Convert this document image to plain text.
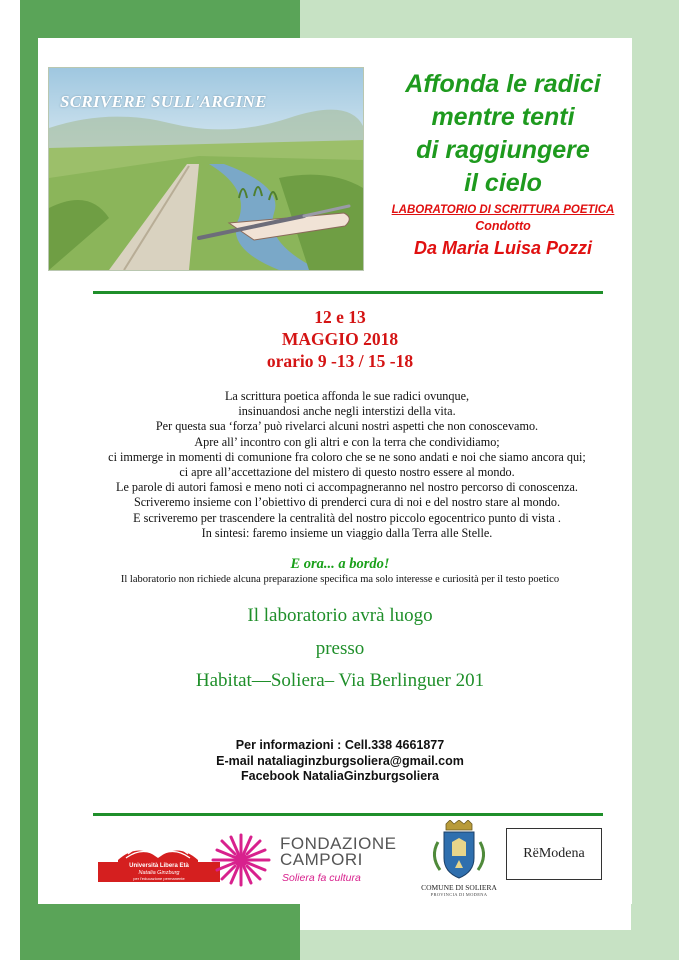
SCRIVERE SULL'ARGINE
Affonda le radici
mentre tenti
di raggiungere
il cielo
LABORATORIO DI SCRITTURA POETICA
Condotto
Da Maria Luisa Pozzi
12 e 13
MAGGIO 2018
orario 9 -13 / 15 -18
La scrittura poetica affonda le sue radici ovunque,
insinuandosi anche negli interstizi della vita.
Per questa sua ‘forza’ può rivelarci alcuni nostri aspetti che non conoscevamo.
Apre all’ incontro con gli altri e con la terra che condividiamo;
ci immerge in momenti di comunione fra coloro che se ne sono andati e noi che siamo ancora qui;
ci apre all’accettazione del mistero di questo nostro essere al mondo.
Le parole di autori famosi e meno noti ci accompagneranno nel nostro percorso di conoscenza.
Scriveremo insieme con l’obiettivo di prenderci cura di noi e del nostro stare al mondo.
E scriveremo per trascendere la centralità del nostro piccolo egocentrico punto di vista .
In sintesi: faremo insieme un viaggio dalla Terra alle Stelle.
E ora... a bordo!
Il laboratorio non richiede alcuna preparazione specifica ma solo interesse e curiosità per il testo poetico
Il laboratorio avrà luogo
presso
Habitat—Soliera– Via Berlinguer 201
Per informazioni : Cell.338 4661877
E-mail nataliaginzburgsoliera@gmail.com
Facebook NataliaGinzburgsoliera
Università Libera Età
Natalia Ginzburg
per l'educazione permanente
FONDAZIONE
CAMPORI
Soliera fa cultura
COMUNE DI SOLIERA
PROVINCIA DI MODENA
RëModena
